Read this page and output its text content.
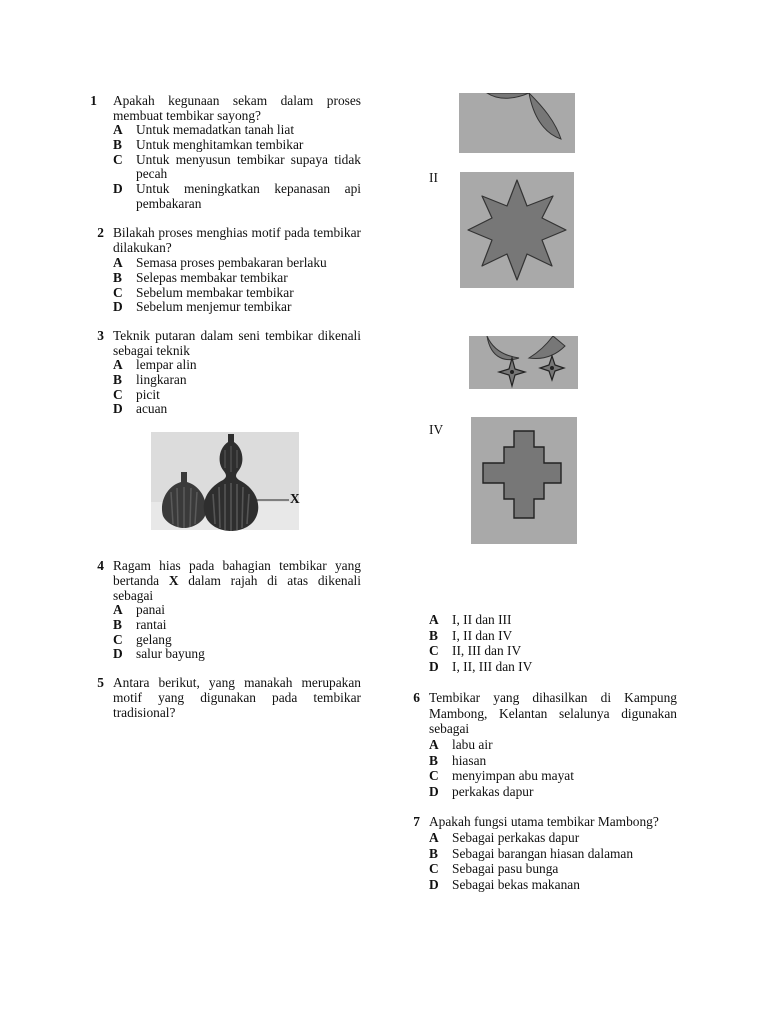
1 Apakah kegunaan sekam dalam proses membuat tembikar sayong?
A Untuk memadatkan tanah liat
B	Untuk menghitamkan tembikar
C Untuk menyusun tembikar supaya tidak pecah
D Untuk meningkatkan kepanasan api pembakaran
2 Bilakah proses menghias motif pada tembikar dilakukan?
A Semasa proses pembakaran berlaku
B	Selepas membakar tembikar
C Sebelum membakar tembikar
D Sebelum menjemur tembikar
3 Teknik putaran dalam seni tembikar dikenali sebagai teknik
A lempar alin
B	lingkaran
C picit
D acuan
X
4 Ragam hias pada bahagian tembikar yang bertanda X dalam rajah di atas dikenali sebagai
A panai
B	rantai
C gelang
D salur bayung
5 Antara berikut, yang manakah merupakan motif yang digunakan pada tembikar tradisional?
II
IV
A I, II dan III
B	I, II dan IV
C II, III dan IV
D I, II, III dan IV
6 Tembikar yang dihasilkan di Kampung Mambong, Kelantan selalunya digunakan sebagai
A labu air
B	hiasan
C menyimpan abu mayat
D perkakas dapur
7 Apakah fungsi utama tembikar Mambong?
A Sebagai perkakas dapur
B	Sebagai barangan hiasan dalaman
C Sebagai pasu bunga
D Sebagai bekas makanan
